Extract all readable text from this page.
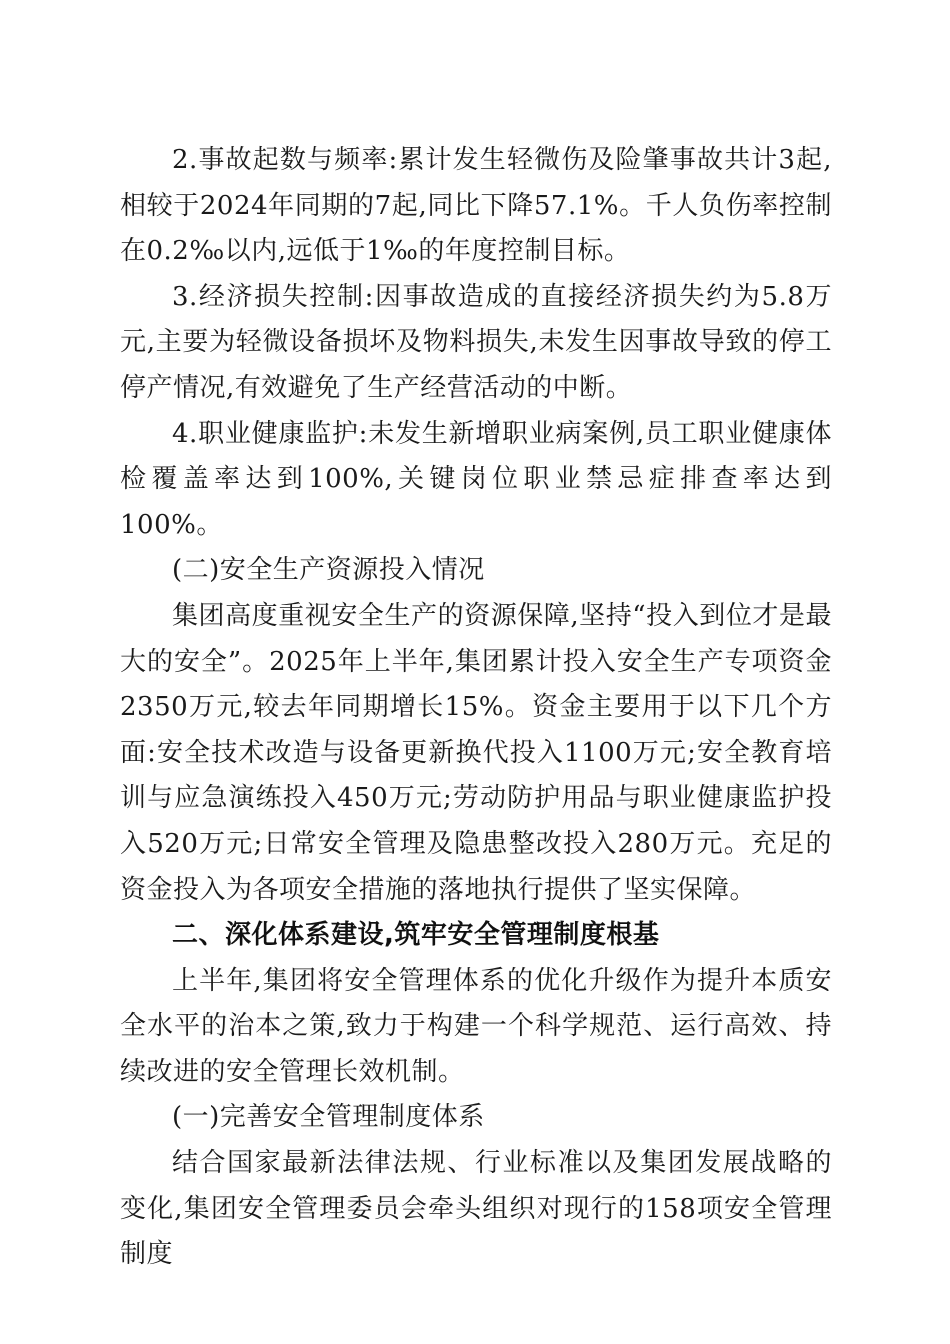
2.事故起数与频率:累计发生轻微伤及险肇事故共计3起,相较于2024年同期的7起,同比下降57.1%。千人负伤率控制在0.2‰以内,远低于1‰的年度控制目标。

3.经济损失控制:因事故造成的直接经济损失约为5.8万元,主要为轻微设备损坏及物料损失,未发生因事故导致的停工停产情况,有效避免了生产经营活动的中断。

4.职业健康监护:未发生新增职业病案例,员工职业健康体检覆盖率达到100%,关键岗位职业禁忌症排查率达到100%。

(二)安全生产资源投入情况

集团高度重视安全生产的资源保障,坚持“投入到位才是最大的安全”。2025年上半年,集团累计投入安全生产专项资金2350万元,较去年同期增长15%。资金主要用于以下几个方面:安全技术改造与设备更新换代投入1100万元;安全教育培训与应急演练投入450万元;劳动防护用品与职业健康监护投入520万元;日常安全管理及隐患整改投入280万元。充足的资金投入为各项安全措施的落地执行提供了坚实保障。

二、深化体系建设,筑牢安全管理制度根基

上半年,集团将安全管理体系的优化升级作为提升本质安全水平的治本之策,致力于构建一个科学规范、运行高效、持续改进的安全管理长效机制。

(一)完善安全管理制度体系

结合国家最新法律法规、行业标准以及集团发展战略的变化,集团安全管理委员会牵头组织对现行的158项安全管理制度
